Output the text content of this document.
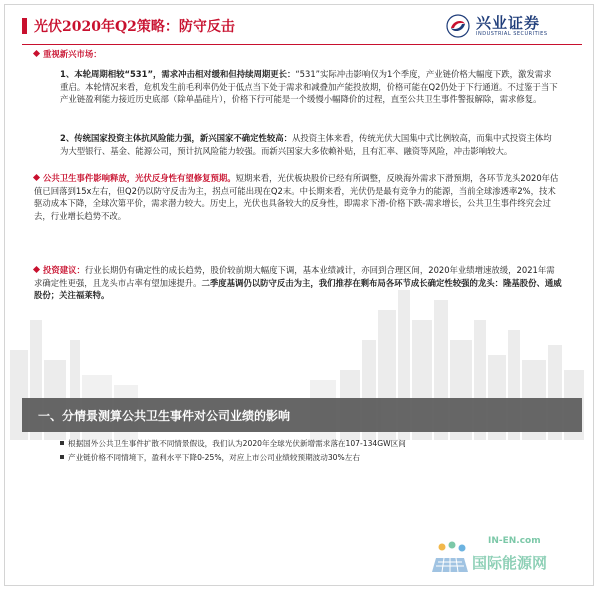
光伏2020年Q2策略：防守反击	兴业证券
INDUSTRIAL SECURITIES
重视新兴市场：
1、本轮周期相较“531”，需求冲击相对缓和但持续周期更长：“531”实际冲击影响仅为1个季度，产业链价格大幅度下跌，激发需求重启。本轮情况来看，危机发生前毛利率仍处于低点当下处于需求和减叠加产能投放期，价格可能在Q2仍处于下行通道。不过鉴于当下产业链盈利能力接近历史底部（除单晶硅片），价格下行可能是一个缓慢小幅降价的过程，直至公共卫生事件警报解除，需求修复。
2、传统国家投资主体抗风险能力强，新兴国家不确定性较高：从投资主体来看，传统光伏大国集中式比例较高，而集中式投资主体均为大型银行、基金、能源公司，预计抗风险能力较强。而新兴国家大多依赖补贴，且有汇率、融资等风险，冲击影响较大。
公共卫生事件影响释放，光伏反身性有望修复预期。短期来看，光伏板块股价已经有所调整，反映海外需求下滑预期，各环节龙头2020年估值已回落到15x左右，但Q2仍以防守反击为主，拐点可能出现在Q2末。中长期来看，光伏仍是最有竞争力的能源，当前全球渗透率2%，技术驱动成本下降，全球次第平价，需求潜力较大。历史上，光伏也具备较大的反身性，即需求下滑-价格下跌-需求增长，公共卫生事件终究会过去，行业增长趋势不改。
投资建议：行业长期仍有确定性的成长趋势，股价较前期大幅度下调，基本业绩减计，亦回到合理区间，2020年业绩增速放缓，2021年需求确定性更强，且龙头市占率有望加速提升。二季度基调仍以防守反击为主，我们推荐在剩布局各环节成长确定性较强的龙头：隆基股份、通威股份；关注福莱特。
一、分情景测算公共卫生事件对公司业绩的影响
根据国外公共卫生事件扩散不同情景假设，我们认为2020年全球光伏新增需求落在107-134GW区间
产业链价格不同情境下，盈利水平下降0-25%，对应上市公司业绩较预期波动30%左右
IN-EN.com
国际能源网
